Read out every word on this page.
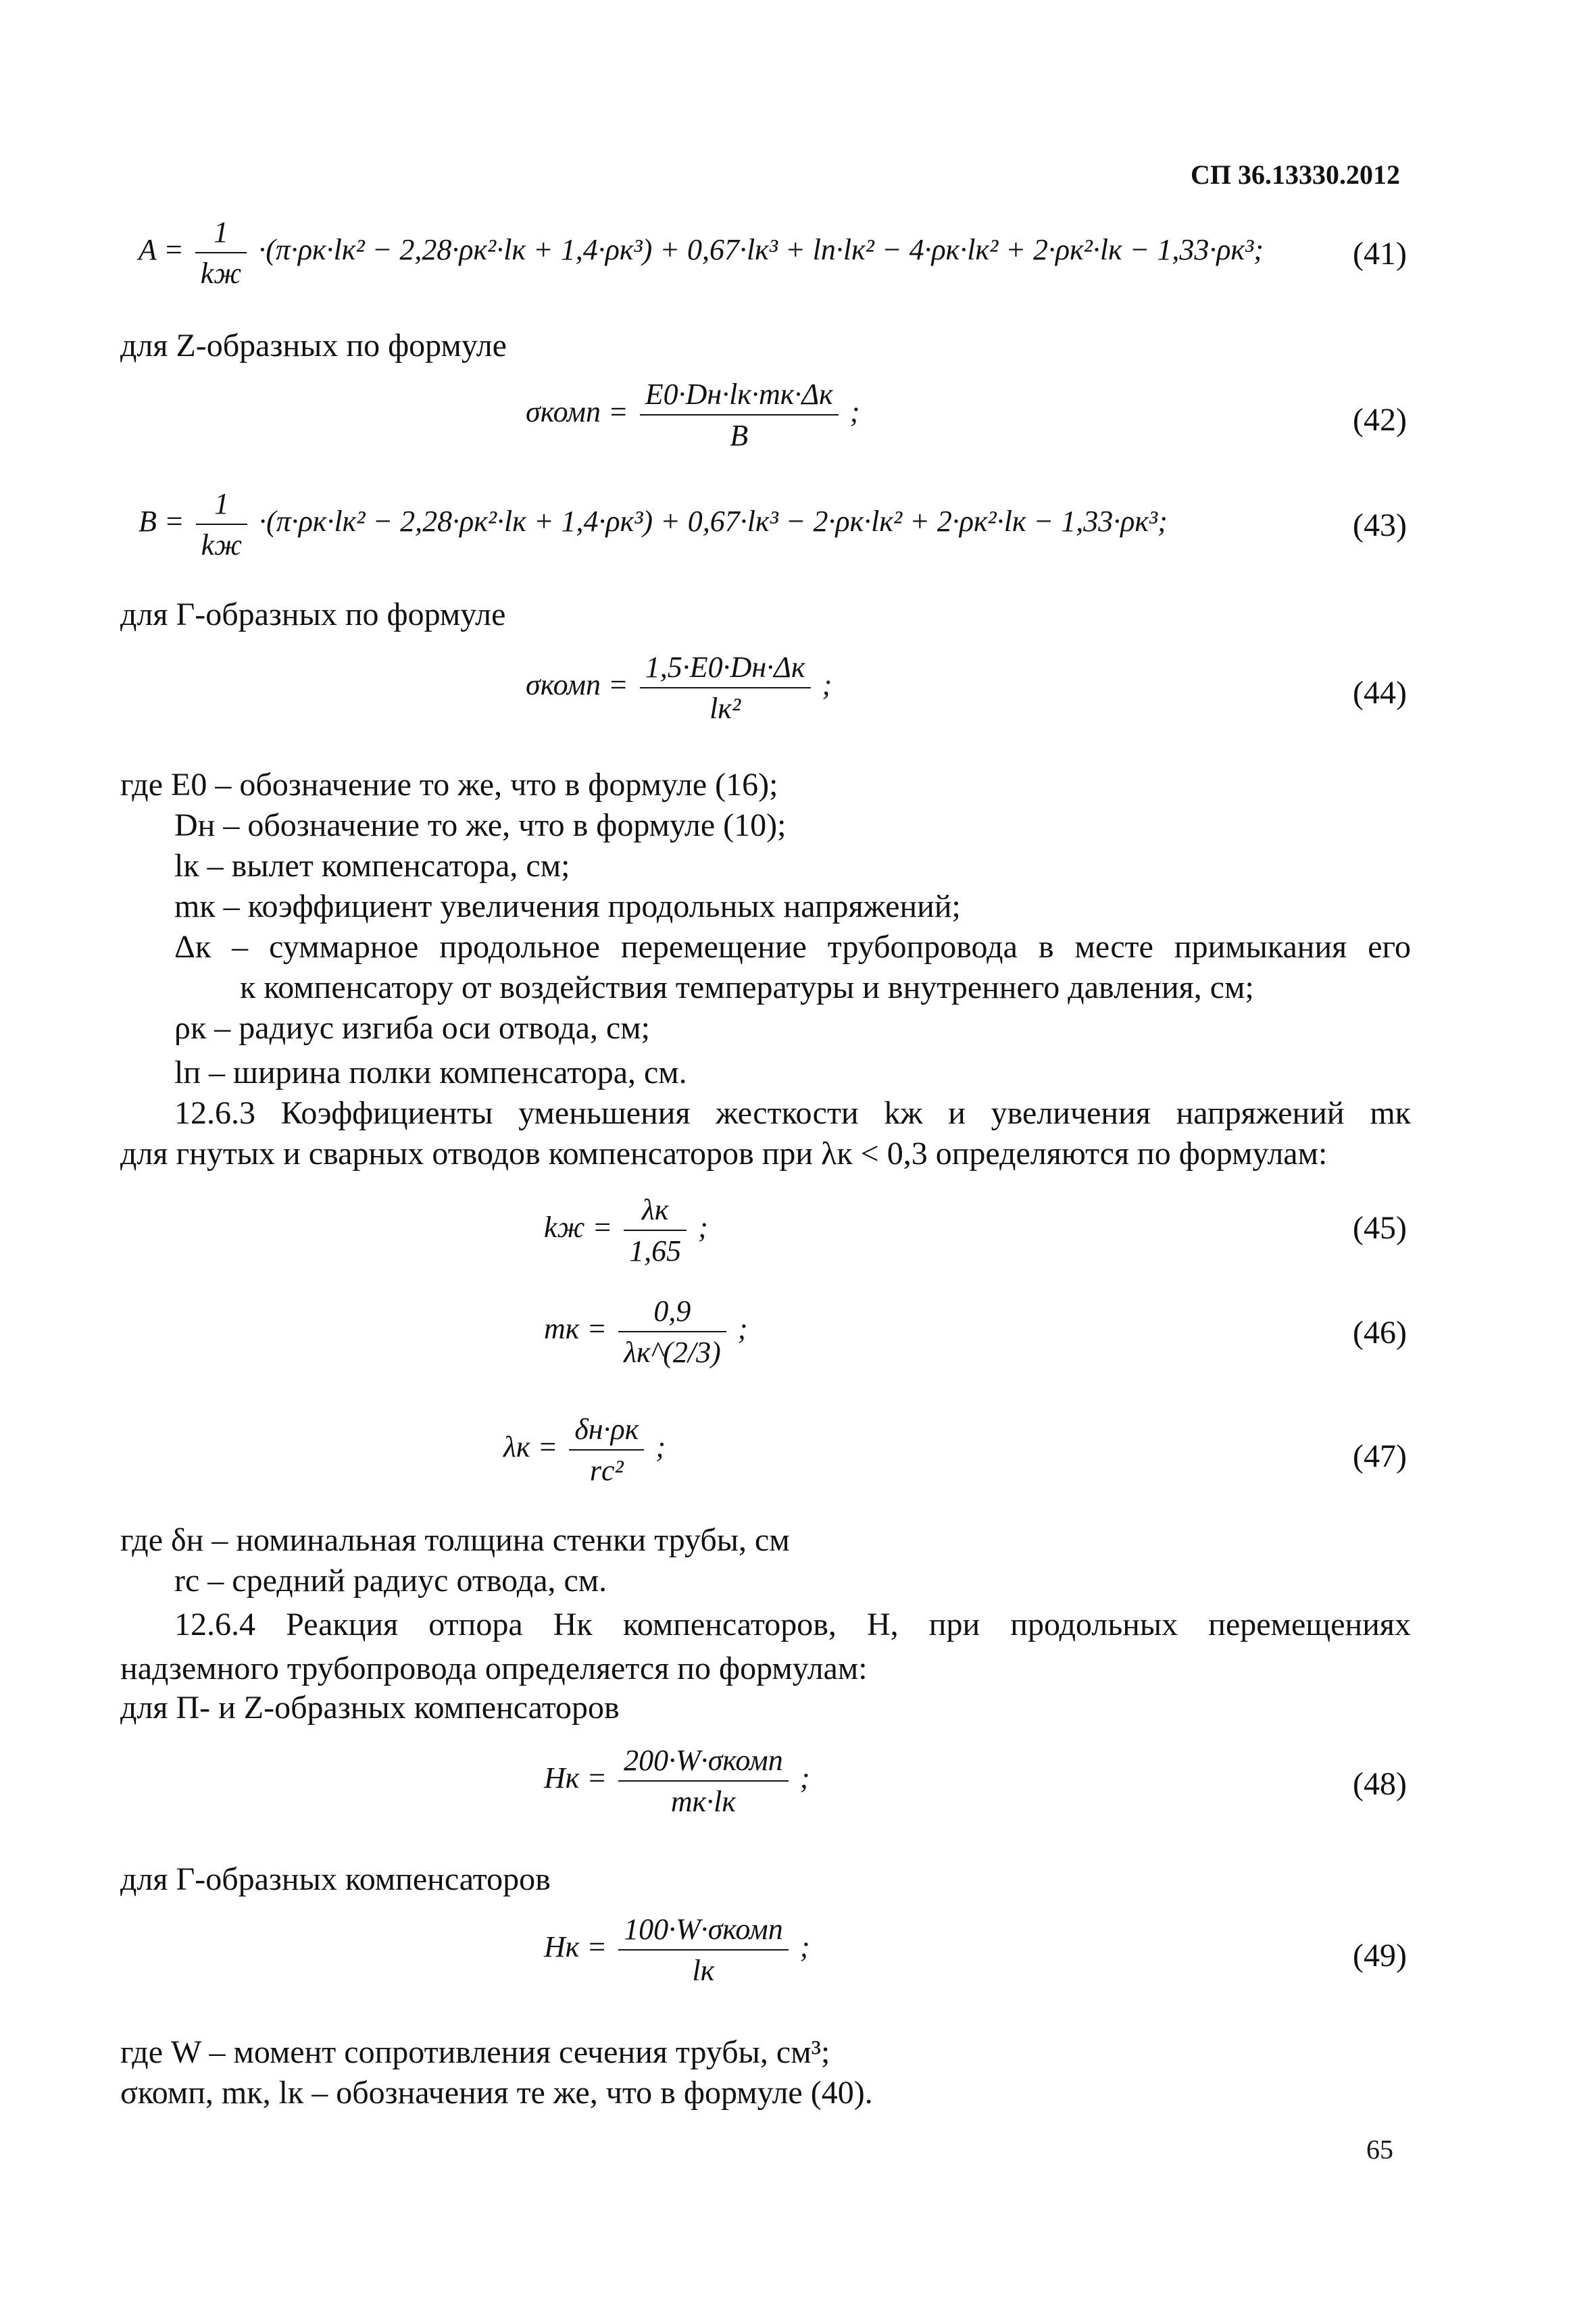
СП 36.13330.2012
$A = \frac{1}{kж} \cdot(\pi\cdot\rho к\cdot lк^2 - 2,28\cdot\rho к^2\cdot lк + 1,4\cdot\rho к^3) + 0,67\cdot lк^3 + lп\cdot lк^2 - 4\cdot\rho к\cdot lк^2 + 2\cdot\rho к^2\cdot lк - 1,33\cdot\rho к^3$;	(41)
для Z-образных по формуле
σкомп = $\frac{E0\cdot Dн\cdot lк\cdot mк\cdot\Delta к}{B}$ ;	(42)
$B = \frac{1}{kж} \cdot(\pi\cdot\rho к\cdot lк^2 - 2,28\cdot\rho к^2\cdot lк + 1,4\cdot\rho к^3) + 0,67\cdot lк^3 - 2\cdot\rho к\cdot lк^2 + 2\cdot\rho к^2\cdot lк - 1,33\cdot\rho к^3$;	(43)
для Г-образных по формуле
σкомп = $\frac{1,5\cdot E0\cdot Dн\cdot\Delta к}{\text{lк²}}$ ;	(44)
где E0 – обозначение то же, что в формуле (16);
Dн – обозначение то же, что в формуле (10);
lк – вылет компенсатора, см;
mк – коэффициент увеличения продольных напряжений;
Δк – суммарное продольное перемещение трубопровода в месте примыкания его
к компенсатору от воздействия температуры и внутреннего давления, см;
ρк – радиус изгиба оси отвода, см;
lп – ширина полки компенсатора, см.
12.6.3 Коэффициенты уменьшения жесткости kж и увеличения напряжений mк
для гнутых и сварных отводов компенсаторов при λк < 0,3 определяются по формулам:
kж = $\frac{\lambda к}{1,65}$ ;	(45)
mк = $\frac{0,9}{\lambda к\^{}(2/3)}$ ;	(46)
$\lambda к = \frac{\delta н\cdot\rho к}{\text{rс²}}$ ;	(47)
где δн – номинальная толщина стенки трубы, см
rс – средний радиус отвода, см.
12.6.4 Реакция отпора Hк компенсаторов, H, при продольных перемещениях
надземного трубопровода определяется по формулам:
для П- и Z-образных компенсаторов
Hк = $\frac{\text{200·W·σкомп}}{mк\cdot lк}$ ;	(48)
для Г-образных компенсаторов
Hк = $\frac{\text{100·W·σкомп}}{lк}$ ;	(49)
где W – момент сопротивления сечения трубы, см³;
σкомп, mк, lк – обозначения те же, что в формуле (40).
65
